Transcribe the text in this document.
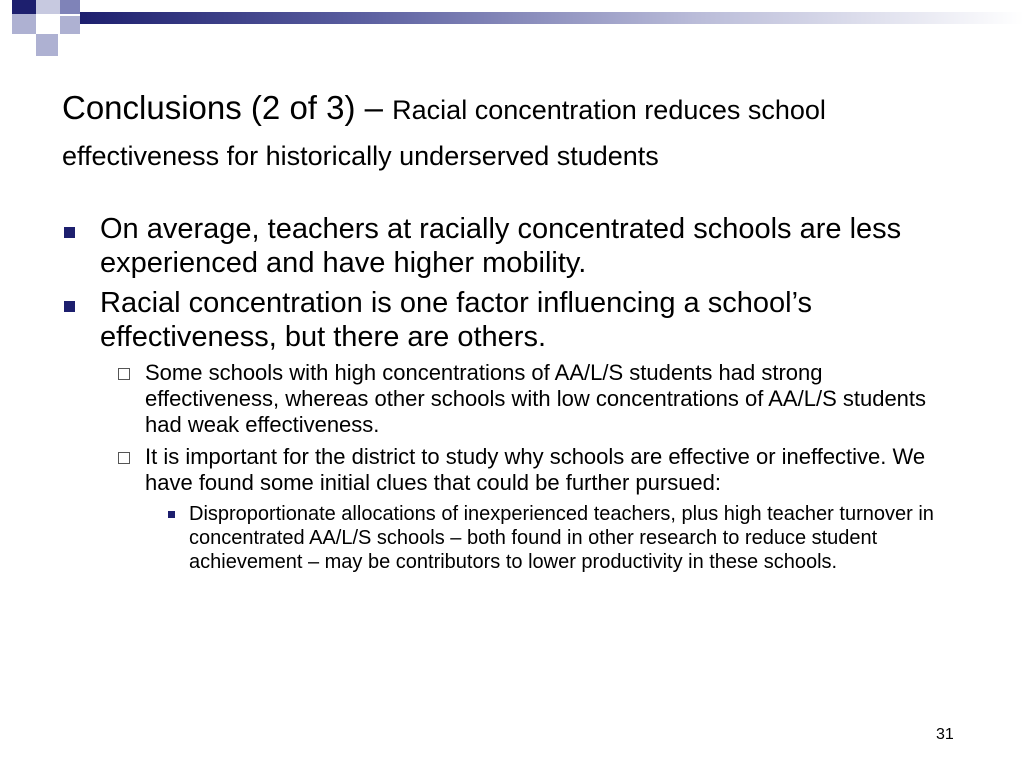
Conclusions (2 of 3) – Racial concentration reduces school effectiveness for historically underserved students
On average, teachers at racially concentrated schools are less experienced and have higher mobility.
Racial concentration is one factor influencing a school’s effectiveness, but there are others.
Some schools with high concentrations of AA/L/S students had strong effectiveness, whereas other schools with low concentrations of AA/L/S students had weak effectiveness.
It is important for the district to study why schools are effective or ineffective. We have found some initial clues that could be further pursued:
Disproportionate allocations of inexperienced teachers, plus high teacher turnover in concentrated AA/L/S schools – both found in other research to reduce student achievement – may be contributors to lower productivity in these schools.
31
